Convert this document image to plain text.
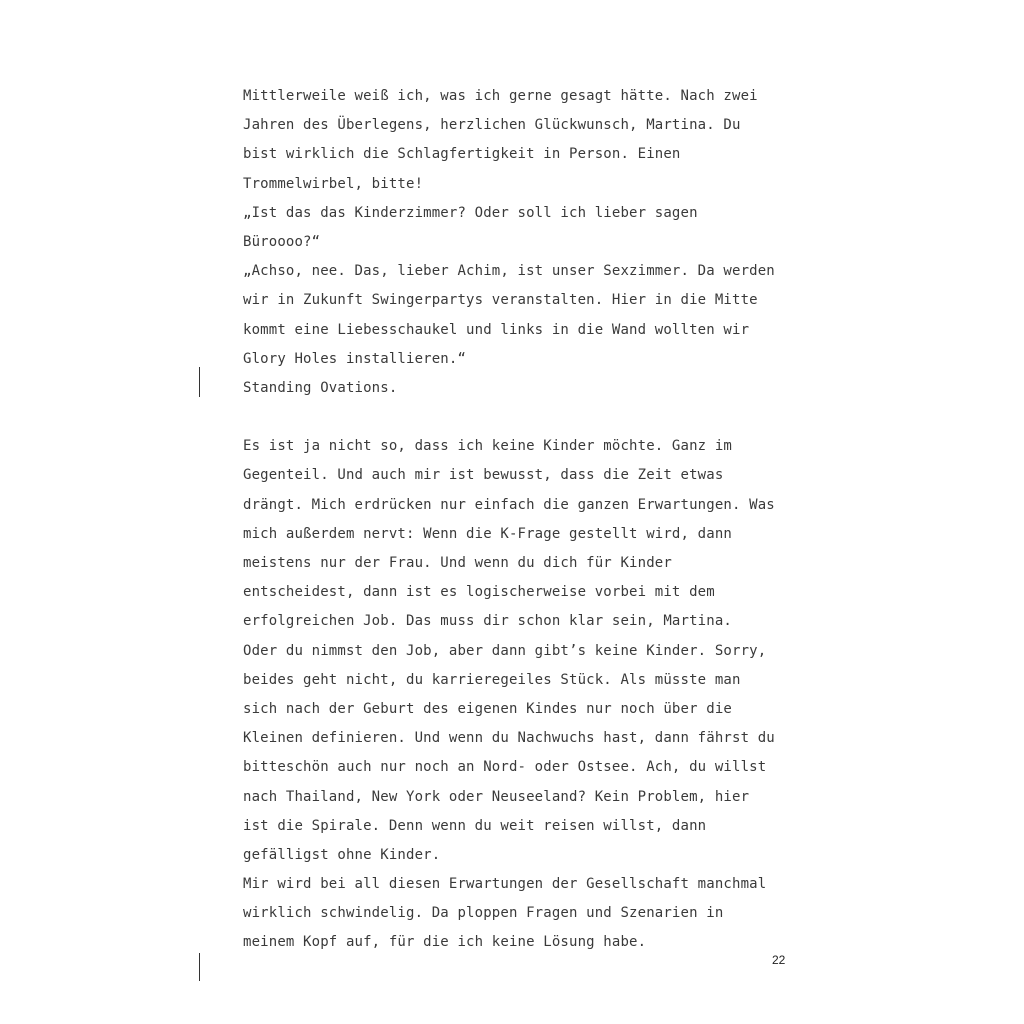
Mittlerweile weiß ich, was ich gerne gesagt hätte. Nach zwei
Jahren des Überlegens, herzlichen Glückwunsch, Martina. Du
bist wirklich die Schlagfertigkeit in Person. Einen
Trommelwirbel, bitte!
„Ist das das Kinderzimmer? Oder soll ich lieber sagen
Büroooo?“
„Achso, nee. Das, lieber Achim, ist unser Sexzimmer. Da werden
wir in Zukunft Swingerpartys veranstalten. Hier in die Mitte
kommt eine Liebesschaukel und links in die Wand wollten wir
Glory Holes installieren.“
Standing Ovations.
Es ist ja nicht so, dass ich keine Kinder möchte. Ganz im
Gegenteil. Und auch mir ist bewusst, dass die Zeit etwas
drängt. Mich erdrücken nur einfach die ganzen Erwartungen. Was
mich außerdem nervt: Wenn die K-Frage gestellt wird, dann
meistens nur der Frau. Und wenn du dich für Kinder
entscheidest, dann ist es logischerweise vorbei mit dem
erfolgreichen Job. Das muss dir schon klar sein, Martina.
Oder du nimmst den Job, aber dann gibt’s keine Kinder. Sorry,
beides geht nicht, du karrieregeiles Stück. Als müsste man
sich nach der Geburt des eigenen Kindes nur noch über die
Kleinen definieren. Und wenn du Nachwuchs hast, dann fährst du
bitteschön auch nur noch an Nord- oder Ostsee. Ach, du willst
nach Thailand, New York oder Neuseeland? Kein Problem, hier
ist die Spirale. Denn wenn du weit reisen willst, dann
gefälligst ohne Kinder.
Mir wird bei all diesen Erwartungen der Gesellschaft manchmal
wirklich schwindelig. Da ploppen Fragen und Szenarien in
meinem Kopf auf, für die ich keine Lösung habe.
22
